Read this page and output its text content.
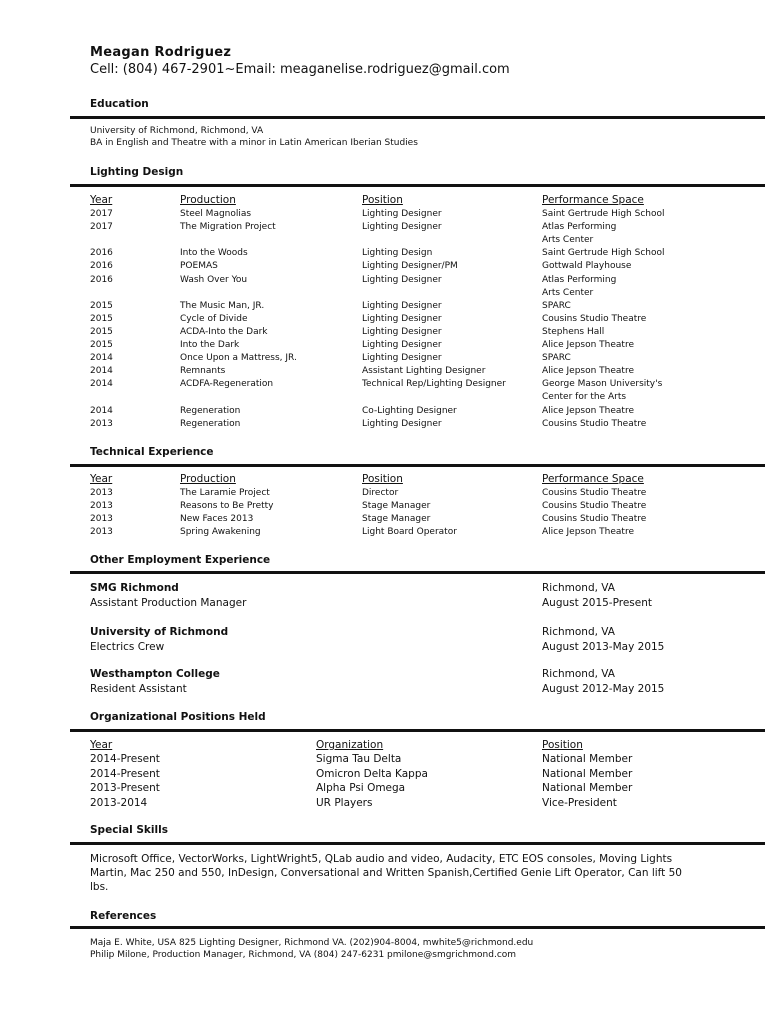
Meagan Rodriguez
Cell: (804) 467-2901~Email: meaganelise.rodriguez@gmail.com
Education
University of Richmond, Richmond, VA
BA in English and Theatre with a minor in Latin American Iberian Studies
Lighting Design
Year	Production	Position	Performance Space
2017	Steel Magnolias	Lighting Designer	Saint Gertrude High School
2017	The Migration Project	Lighting Designer	Atlas Performing
Arts Center
2016	Into the Woods	Lighting Design	Saint Gertrude High School
2016	POEMAS	Lighting Designer/PM	Gottwald Playhouse
2016	Wash Over You	Lighting Designer	Atlas Performing
Arts Center
2015	The Music Man, JR.	Lighting Designer	SPARC
2015	Cycle of Divide	Lighting Designer	Cousins Studio Theatre
2015	ACDA-Into the Dark	Lighting Designer	Stephens Hall
2015	Into the Dark	Lighting Designer	Alice Jepson Theatre
2014	Once Upon a Mattress, JR.	Lighting Designer	SPARC
2014	Remnants	Assistant Lighting Designer	Alice Jepson Theatre
2014	ACDFA-Regeneration	Technical Rep/Lighting Designer	George Mason University's
Center for the Arts
2014	Regeneration	Co-Lighting Designer	Alice Jepson Theatre
2013	Regeneration	Lighting Designer	Cousins Studio Theatre
Technical Experience
Year	Production	Position	Performance Space
2013	The Laramie Project	Director	Cousins Studio Theatre
2013	Reasons to Be Pretty	Stage Manager	Cousins Studio Theatre
2013	New Faces 2013	Stage Manager	Cousins Studio Theatre
2013	Spring Awakening	Light Board Operator	Alice Jepson Theatre
Other Employment Experience
SMG Richmond
Assistant Production Manager
Richmond, VA
August 2015-Present
University of Richmond
Electrics Crew
Richmond, VA
August 2013-May 2015
Westhampton College
Resident Assistant
Richmond, VA
August 2012-May 2015
Organizational Positions Held
Year	Organization	Position
2014-Present	Sigma Tau Delta	National Member
2014-Present	Omicron Delta Kappa	National Member
2013-Present	Alpha Psi Omega	National Member
2013-2014	UR Players	Vice-President
Special Skills
Microsoft Office, VectorWorks, LightWright5, QLab audio and video, Audacity, ETC EOS consoles, Moving Lights Martin, Mac 250 and 550, InDesign, Conversational and Written Spanish,Certified Genie Lift Operator, Can lift 50 lbs.
References
Maja E. White, USA 825 Lighting Designer, Richmond VA. (202)904-8004, mwhite5@richmond.edu
Philip Milone, Production Manager, Richmond, VA (804) 247-6231 pmilone@smgrichmond.com
